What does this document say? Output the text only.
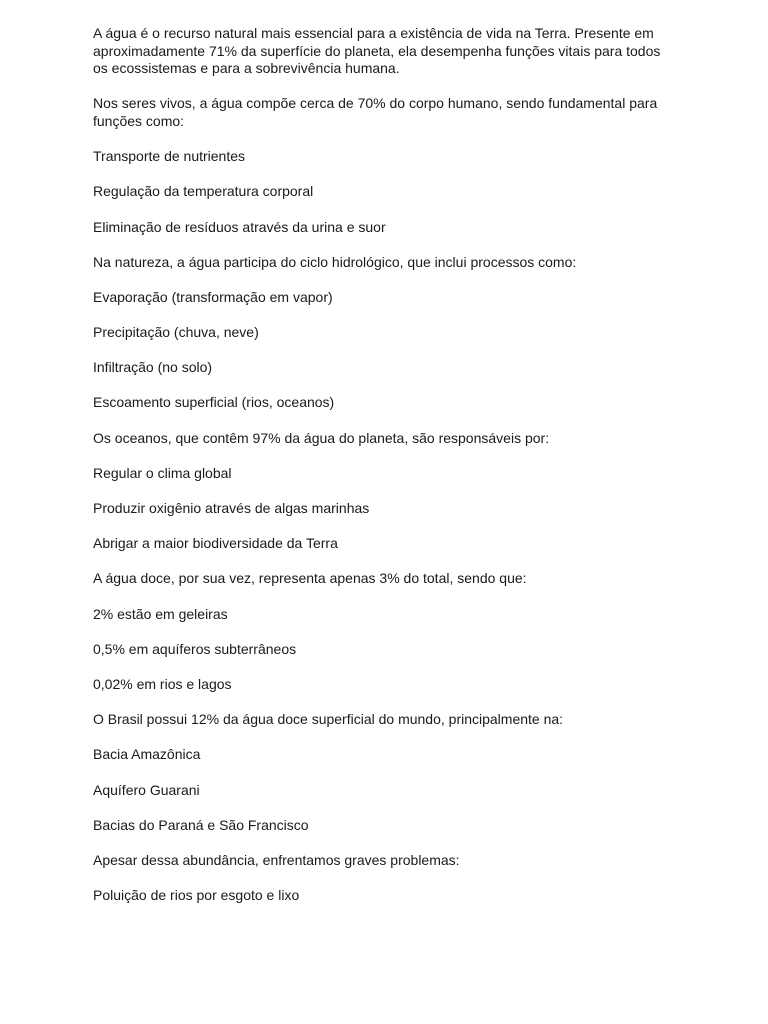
A água é o recurso natural mais essencial para a existência de vida na Terra. Presente em aproximadamente 71% da superfície do planeta, ela desempenha funções vitais para todos os ecossistemas e para a sobrevivência humana.

Nos seres vivos, a água compõe cerca de 70% do corpo humano, sendo fundamental para funções como:

Transporte de nutrientes

Regulação da temperatura corporal

Eliminação de resíduos através da urina e suor

Na natureza, a água participa do ciclo hidrológico, que inclui processos como:

Evaporação (transformação em vapor)

Precipitação (chuva, neve)

Infiltração (no solo)

Escoamento superficial (rios, oceanos)

Os oceanos, que contêm 97% da água do planeta, são responsáveis por:

Regular o clima global

Produzir oxigênio através de algas marinhas

Abrigar a maior biodiversidade da Terra

A água doce, por sua vez, representa apenas 3% do total, sendo que:

2% estão em geleiras

0,5% em aquíferos subterrâneos

0,02% em rios e lagos

O Brasil possui 12% da água doce superficial do mundo, principalmente na:

Bacia Amazônica

Aquífero Guarani

Bacias do Paraná e São Francisco

Apesar dessa abundância, enfrentamos graves problemas:

Poluição de rios por esgoto e lixo
